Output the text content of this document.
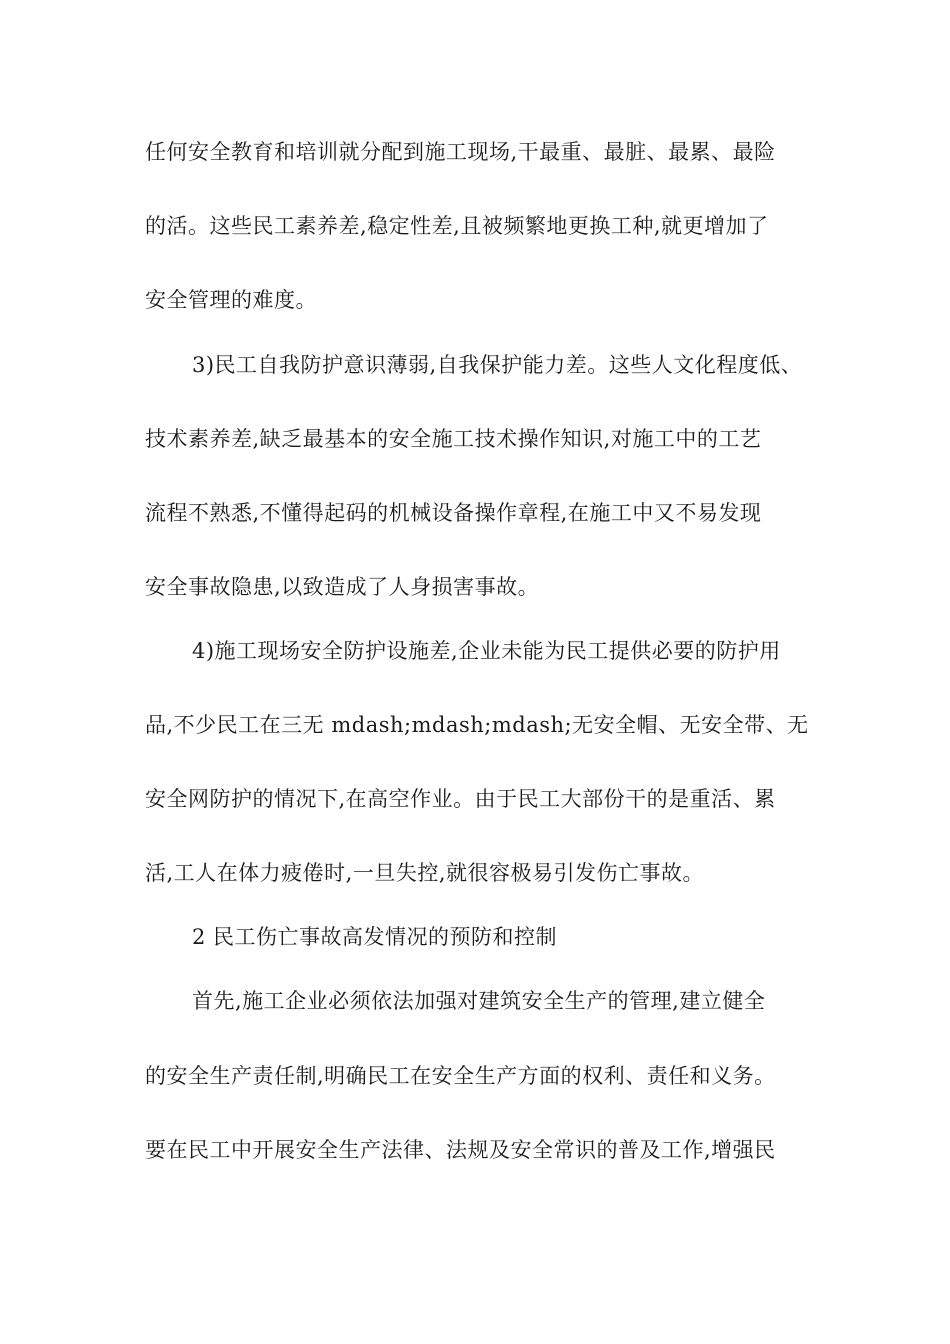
任何安全教育和培训就分配到施工现场,干最重、最脏、最累、最险
的活。这些民工素养差,稳定性差,且被频繁地更换工种,就更增加了
安全管理的难度。
3)民工自我防护意识薄弱,自我保护能力差。这些人文化程度低、
技术素养差,缺乏最基本的安全施工技术操作知识,对施工中的工艺
流程不熟悉,不懂得起码的机械设备操作章程,在施工中又不易发现
安全事故隐患,以致造成了人身损害事故。
4)施工现场安全防护设施差,企业未能为民工提供必要的防护用
品,不少民工在三无 mdash;mdash;mdash;无安全帽、无安全带、无
安全网防护的情况下,在高空作业。由于民工大部份干的是重活、累
活,工人在体力疲倦时,一旦失控,就很容极易引发伤亡事故。
2 民工伤亡事故高发情况的预防和控制
首先,施工企业必须依法加强对建筑安全生产的管理,建立健全
的安全生产责任制,明确民工在安全生产方面的权利、责任和义务。
要在民工中开展安全生产法律、法规及安全常识的普及工作,增强民
